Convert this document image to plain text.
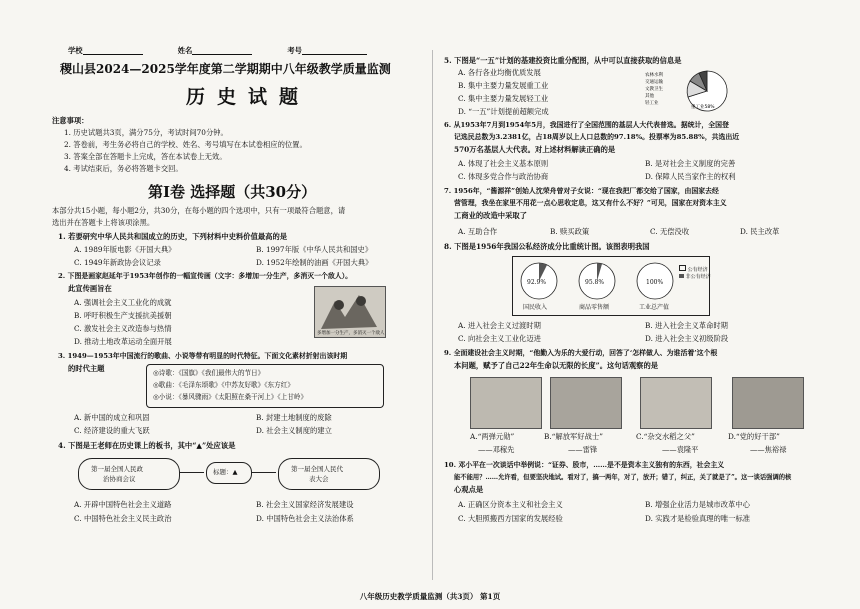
学校	姓名	考号
稷山县2024—2025学年度第二学期期中八年级教学质量监测
历史试题
注意事项：
1. 历史试题共3页，满分75分，考试时间70分钟。
2. 答卷前，考生务必将自己的学校、姓名、考号填写在本试卷相应的位置。
3. 答案全部在答题卡上完成，答在本试卷上无效。
4. 考试结束后，务必将答题卡交回。
第Ⅰ卷 选择题（共30分）
本部分共15小题，每小题2分，共30分，在每小题的四个选项中，只有一项最符合题意，请
选出并在答题卡上将该项涂黑。
1. 若要研究中华人民共和国成立的历史，下列材料中史料价值最高的是
A. 1989年版电影《开国大典》	B. 1997年版《中华人民共和国史》
C. 1949年新政协会议记录	D. 1952年绘制的油画《开国大典》
2. 下图是画家赵延年于1953年创作的一幅宣传画（文字：多增加一分生产，多消灭一个敌人）。
此宣传画旨在
多增加一分生产，多消灭一个敌人
A. 强调社会主义工业化的成就
B. 呼吁积极生产支援抗美援朝
C. 激发社会主义改造参与热情
D. 推动土地改革运动全面开展
3. 1949—1953年中国流行的歌曲、小说等带有明显的时代特征。下面文化素材折射出该时期
的时代主题	◎诗歌：《国旗》《我们最伟大的节日》
◎歌曲：《毛泽东颂歌》《中苏友好歌》《东方红》
◎小说：《暴风骤雨》《太阳照在桑干河上》《上甘岭》
A. 新中国的成立和巩固	B. 封建土地制度的废除
C. 经济建设的重大飞跃	D. 社会主义制度的建立
4. 下图是王老师在历史课上的板书，其中“▲”处应该是
第一届全国人民政
治协商会议
标题：▲	第一届全国人民代
表大会
A. 开辟中国特色社会主义道路	B. 社会主义国家经济发展建设
C. 中国特色社会主义民主政治	D. 中国特色社会主义法治体系
5. 下图是“一五”计划的基建投资比重分配图，从中可以直接获取的信息是
A. 各行各业均衡优质发展
B. 集中主要力量发展重工业
C. 集中主要力量发展轻工业
D. “一五”计划提前超额完成
农林水利
交通运输
文教卫生
其他
轻工业
重工业58%
6. 从1953年7月到1954年5月，我国进行了全国范围的基层人大代表普选。据统计，全国登
记选民总数为3.2381亿，占18周岁以上人口总数的97.18%。投票率为85.88%，共选出近
570万名基层人大代表。对上述材料解读正确的是
A. 体现了社会主义基本原则	B. 是对社会主义制度的完善
C. 体现多党合作与政治协商	D. 保障人民当家作主的权利
7. 1956年，“酱源祥”创始人沈荣舟曾对子女说：“现在我把厂都交给了国家，由国家去经
营管理，我坐在家里不用花一点心思收定息，这又有什么不好？”可见，国家在对资本主义
工商业的改造中采取了
A. 互助合作	B. 赎买政策	C. 无偿没收	D. 民主改革
8. 下图是1956年我国公私经济成分比重统计图。该图表明我国
92.9%	95.8%	100%
国民收入	商品零售额	工业总产值
公有经济
非公有经济
A. 进入社会主义过渡时期	B. 进入社会主义革命时期
C. 向社会主义工业化迈进	D. 进入社会主义初级阶段
9. 全面建设社会主义时期，“他勤入为乐的大爱行动，回答了‘怎样做人、为谁活着’这个根
本问题，赋予了自己22年生命以无限的长度”。这句话观察的是
A.“两弹元勋”	B.“解放军好战士”	C.“杂交水稻之父”	D.“党的好干部”
——邓稼先	——雷锋	——袁隆平	——焦裕禄
10. 邓小平在一次谈话中举例说：“证券、股市，……是不是资本主义独有的东西，社会主义
能不能用？……允许看，但要坚决地试。看对了，搞一两年，对了，放开；错了，纠正，关了就是了”。这一谈话强调的核
心观点是
A. 正确区分资本主义和社会主义	B. 增强企业活力是城市改革中心
C. 大胆照搬西方国家的发展经验	D. 实践才是检验真理的唯一标准
八年级历史教学质量监测（共3页） 第1页
